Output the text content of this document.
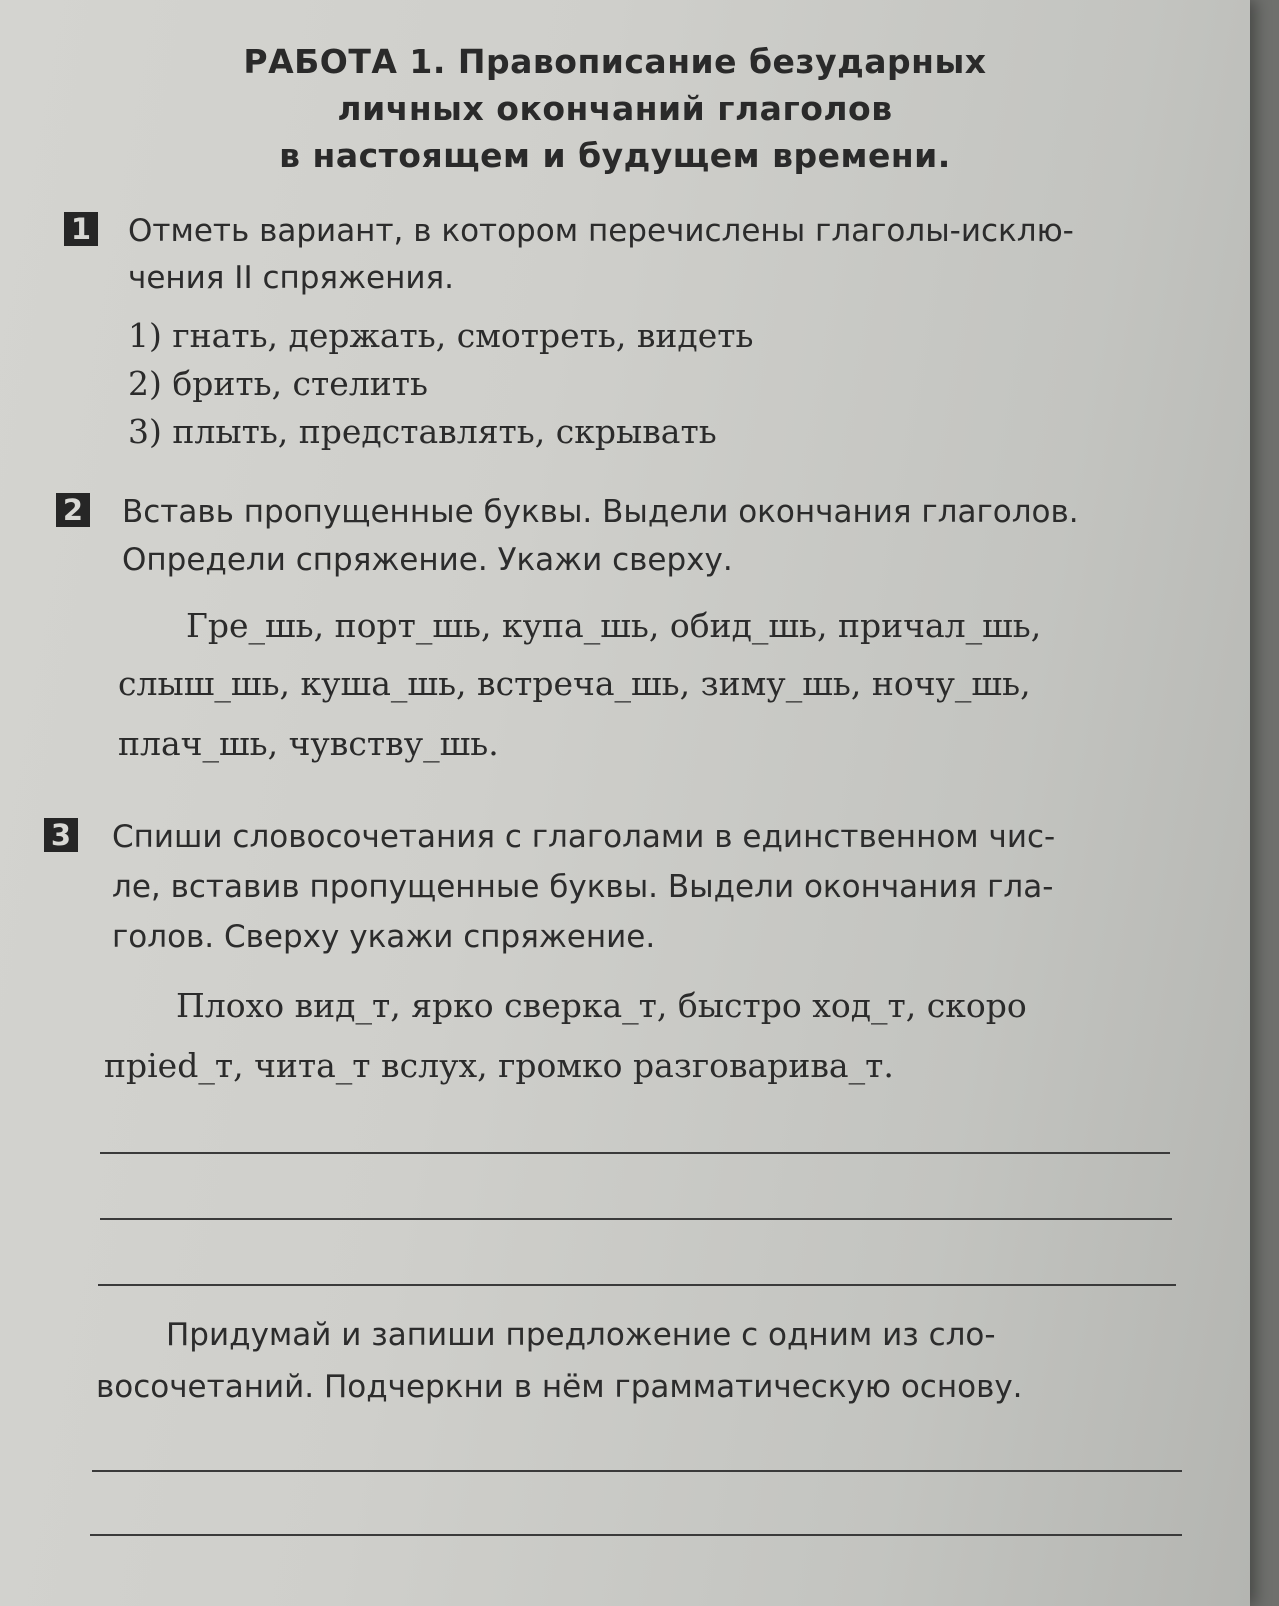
РАБОТА 1. Правописание безударных
личных окончаний глаголов
в настоящем и будущем времени.
1 Отметь вариант, в котором перечислены глаголы-исклю-
чения II спряжения.
1) гнать, держать, смотреть, видеть
2) брить, стелить
3) плыть, представлять, скрывать
2 Вставь пропущенные буквы. Выдели окончания глаголов.
Определи спряжение. Укажи сверху.
Гре_шь, порт_шь, купа_шь, обид_шь, причал_шь,
слыш_шь, куша_шь, встреча_шь, зиму_шь, ночу_шь,
плач_шь, чувству_шь.
3 Спиши словосочетания с глаголами в единственном чис-
ле, вставив пропущенные буквы. Выдели окончания гла-
голов. Сверху укажи спряжение.
Плохо вид_т, ярко сверка_т, быстро ход_т, скоро
прied_т, чита_т вслух, громко разговарива_т.
Придумай и запиши предложение с одним из сло-
восочетаний. Подчеркни в нём грамматическую основу.
